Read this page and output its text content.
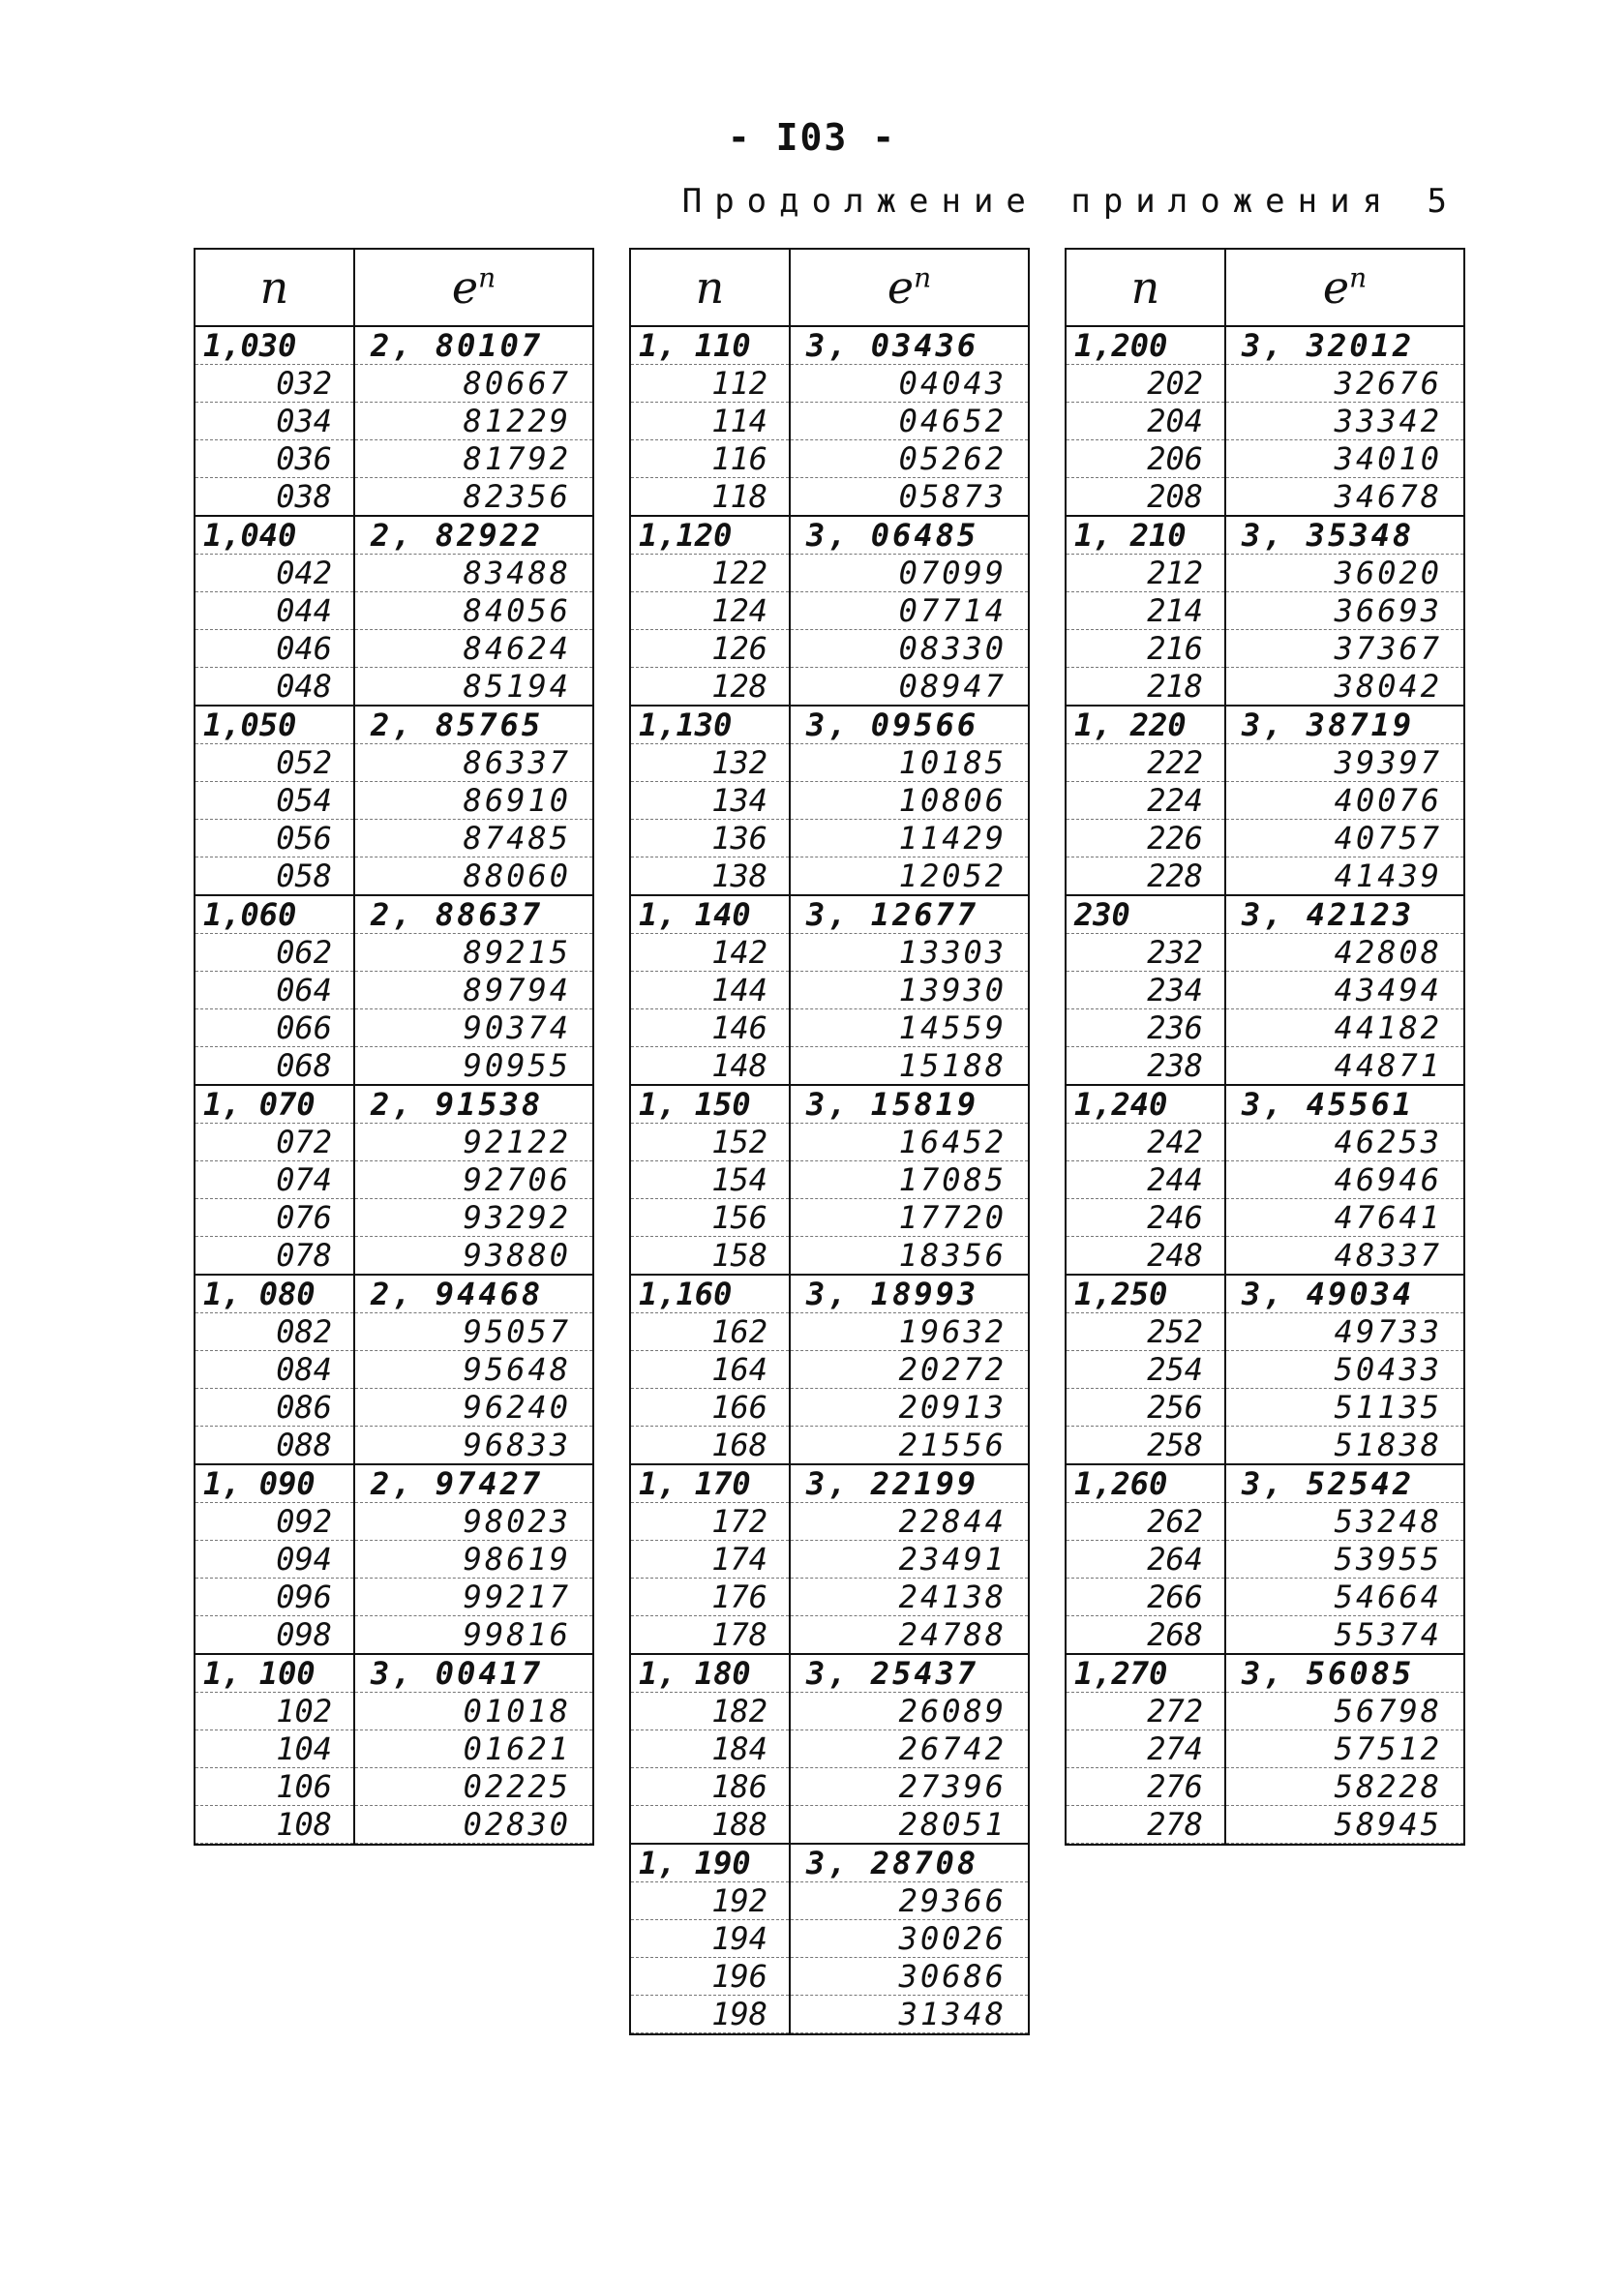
- I03 -
Продолжение приложения 5
n	$e^n$
1,030	2, 80107
032	80667
034	81229
036	81792
038	82356
1,040	2, 82922
042	83488
044	84056
046	84624
048	85194
1,050	2, 85765
052	86337
054	86910
056	87485
058	88060
1,060	2, 88637
062	89215
064	89794
066	90374
068	90955
1, 070	2, 91538
072	92122
074	92706
076	93292
078	93880
1, 080	2, 94468
082	95057
084	95648
086	96240
088	96833
1, 090	2, 97427
092	98023
094	98619
096	99217
098	99816
1, 100	3, 00417
102	01018
104	01621
106	02225
108	02830
n	$e^n$
1, 110	3, 03436
112	04043
114	04652
116	05262
118	05873
1,120	3, 06485
122	07099
124	07714
126	08330
128	08947
1,130	3, 09566
132	10185
134	10806
136	11429
138	12052
1, 140	3, 12677
142	13303
144	13930
146	14559
148	15188
1, 150	3, 15819
152	16452
154	17085
156	17720
158	18356
1,160	3, 18993
162	19632
164	20272
166	20913
168	21556
1, 170	3, 22199
172	22844
174	23491
176	24138
178	24788
1, 180	3, 25437
182	26089
184	26742
186	27396
188	28051
1, 190	3, 28708
192	29366
194	30026
196	30686
198	31348
n	$e^n$
1,200	3, 32012
202	32676
204	33342
206	34010
208	34678
1, 210	3, 35348
212	36020
214	36693
216	37367
218	38042
1, 220	3, 38719
222	39397
224	40076
226	40757
228	41439
230	3, 42123
232	42808
234	43494
236	44182
238	44871
1,240	3, 45561
242	46253
244	46946
246	47641
248	48337
1,250	3, 49034
252	49733
254	50433
256	51135
258	51838
1,260	3, 52542
262	53248
264	53955
266	54664
268	55374
1,270	3, 56085
272	56798
274	57512
276	58228
278	58945
